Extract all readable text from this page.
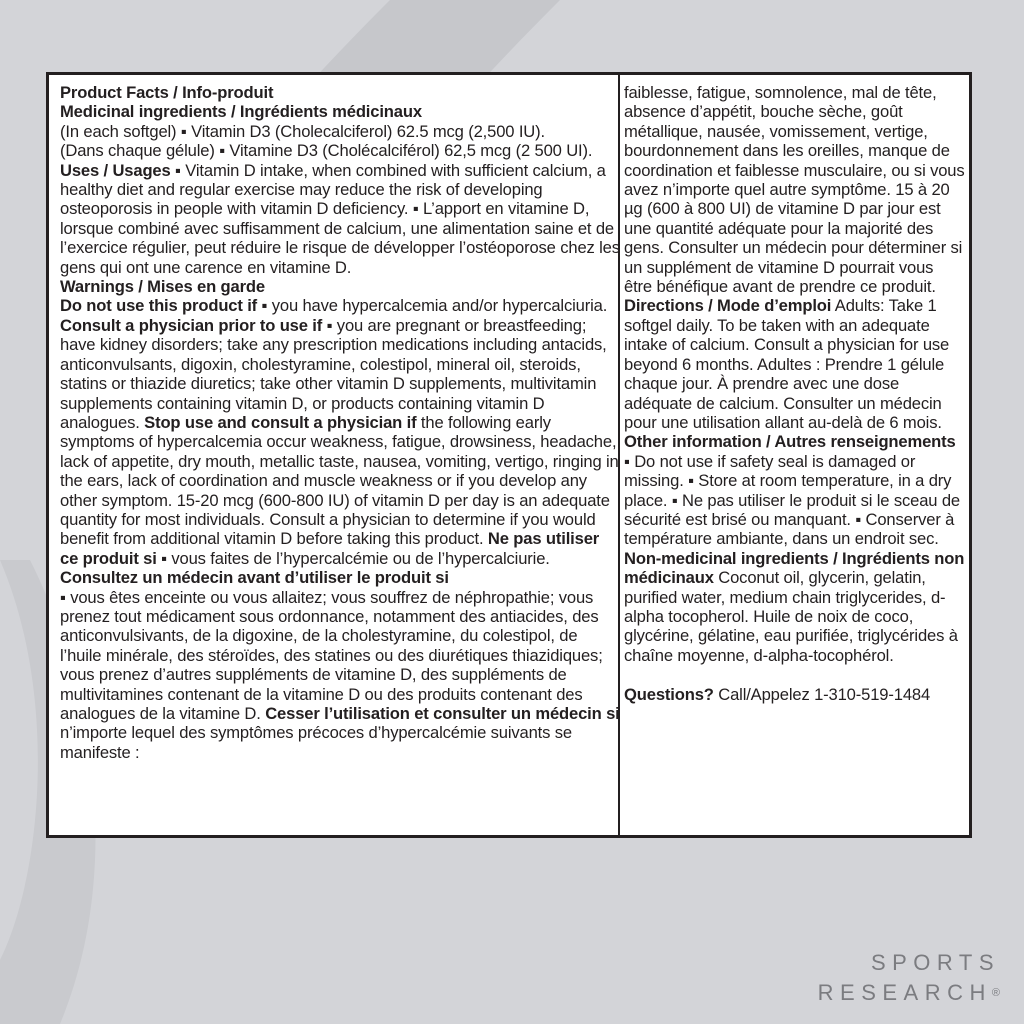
Product Facts / Info-produit

Medicinal ingredients / Ingrédients médicinaux

(In each softgel) ▪ Vitamin D3 (Cholecalciferol) 62.5 mcg (2,500 IU).

(Dans chaque gélule) ▪ Vitamine D3 (Cholécalciférol) 62,5 mcg (2 500 UI).

Uses / Usages ▪ Vitamin D intake, when combined with sufficient calcium, a healthy diet and regular exercise may reduce the risk of developing osteoporosis in people with vitamin D deficiency. ▪ L’apport en vitamine D, lorsque combiné avec suffisamment de calcium, une alimentation saine et de l’exercice régulier, peut réduire le risque de développer l’ostéoporose chez les gens qui ont une carence en vitamine D.

Warnings / Mises en garde

Do not use this product if ▪ you have hypercalcemia and/or hypercalciuria. Consult a physician prior to use if ▪ you are pregnant or breastfeeding; have kidney disorders; take any prescription medications including antacids, anticonvulsants, digoxin, cholestyramine, colestipol, mineral oil, steroids, statins or thiazide diuretics; take other vitamin D supplements, multivitamin supplements containing vitamin D, or products containing vitamin D analogues. Stop use and consult a physician if the following early symptoms of hypercalcemia occur weakness, fatigue, drowsiness, headache, lack of appetite, dry mouth, metallic taste, nausea, vomiting, vertigo, ringing in the ears, lack of coordination and muscle weakness or if you develop any other symptom. 15-20 mcg (600-800 IU) of vitamin D per day is an adequate quantity for most individuals. Consult a physician to determine if you would benefit from additional vitamin D before taking this product. Ne pas utiliser ce produit si ▪ vous faites de l’hypercalcémie ou de l’hypercalciurie. Consultez un médecin avant d’utiliser le produit si

▪ vous êtes enceinte ou vous allaitez; vous souffrez de néphropathie; vous prenez tout médicament sous ordonnance, notamment des antiacides, des anticonvulsivants, de la digoxine, de la cholestyramine, du colestipol, de l’huile minérale, des stéroïdes, des statines ou des diurétiques thiazidiques; vous prenez d’autres suppléments de vitamine D, des suppléments de multivitamines contenant de la vitamine D ou des produits contenant des analogues de la vitamine D. Cesser l’utilisation et consulter un médecin si n’importe lequel des symptômes précoces d’hypercalcémie suivants se manifeste :

faiblesse, fatigue, somnolence, mal de tête, absence d’appétit, bouche sèche, goût métallique, nausée, vomissement, vertige, bourdonnement dans les oreilles, manque de coordination et faiblesse musculaire, ou si vous avez n’importe quel autre symptôme. 15 à 20 µg (600 à 800 UI) de vitamine D par jour est une quantité adéquate pour la majorité des gens. Consulter un médecin pour déterminer si un supplément de vitamine D pourrait vous être bénéfique avant de prendre ce produit.

Directions / Mode d’emploi Adults: Take 1 softgel daily. To be taken with an adequate intake of calcium. Consult a physician for use beyond 6 months. Adultes : Prendre 1 gélule chaque jour. À prendre avec une dose adéquate de calcium. Consulter un médecin pour une utilisation allant au-delà de 6 mois.

Other information / Autres renseignements

▪ Do not use if safety seal is damaged or missing. ▪ Store at room temperature, in a dry place. ▪ Ne pas utiliser le produit si le sceau de sécurité est brisé ou manquant. ▪ Conserver à température ambiante, dans un endroit sec.

Non-medicinal ingredients / Ingrédients non médicinaux Coconut oil, glycerin, gelatin, purified water, medium chain triglycerides, d-alpha tocopherol. Huile de noix de coco, glycérine, gélatine, eau purifiée, triglycérides à chaîne moyenne, d-alpha-tocophérol.

Questions? Call/Appelez 1-310-519-1484

SPORTS
RESEARCH®
